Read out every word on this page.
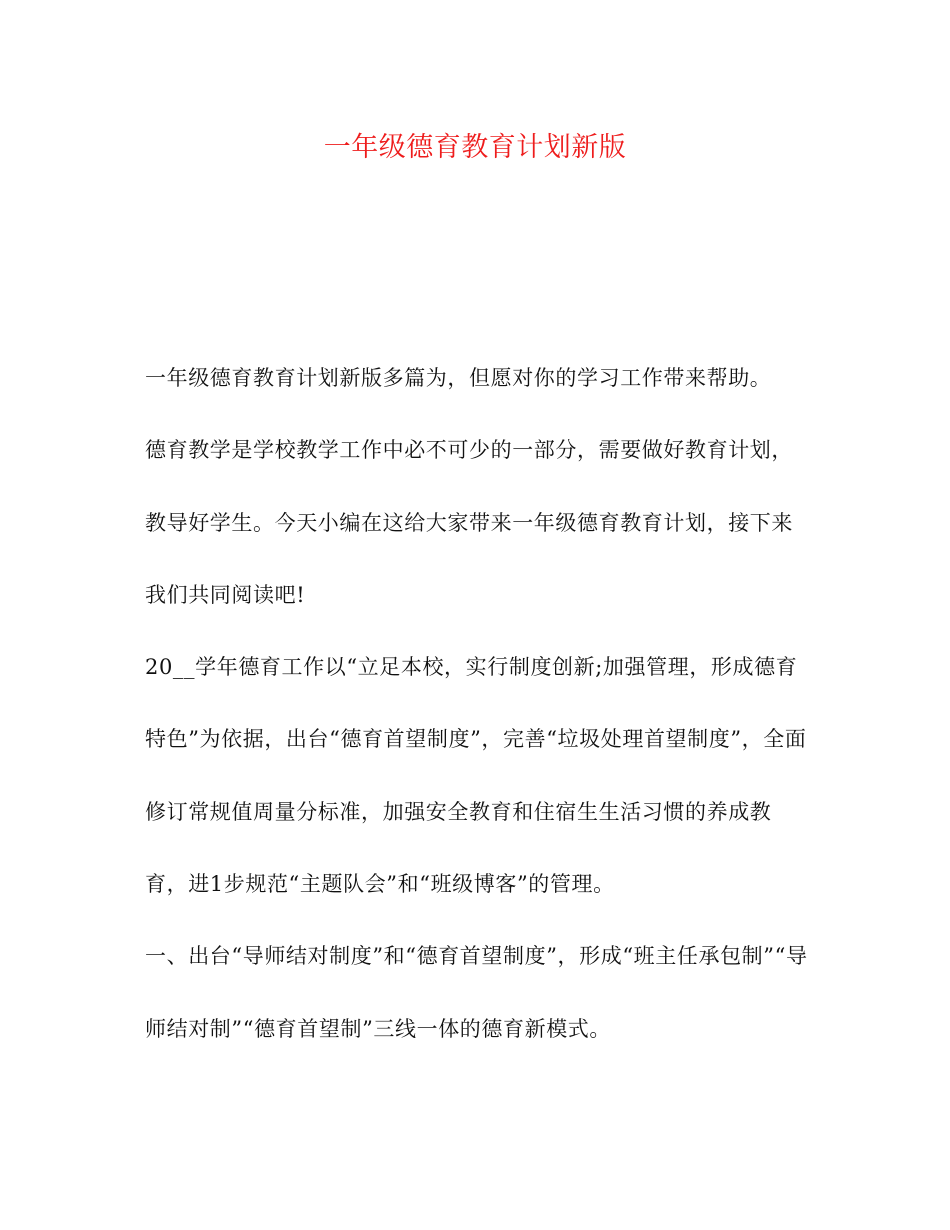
一年级德育教育计划新版
一年级德育教育计划新版多篇为，但愿对你的学习工作带来帮助。
德育教学是学校教学工作中必不可少的一部分，需要做好教育计划，
教导好学生。今天小编在这给大家带来一年级德育教育计划，接下来
我们共同阅读吧!
20__学年德育工作以“立足本校，实行制度创新;加强管理，形成德育
特色”为依据，出台“德育首望制度”，完善“垃圾处理首望制度”，全面
修订常规值周量分标准，加强安全教育和住宿生生活习惯的养成教
育，进1步规范“主题队会”和“班级博客”的管理。
一、出台“导师结对制度”和“德育首望制度”，形成“班主任承包制”“导
师结对制”“德育首望制”三线一体的德育新模式。
